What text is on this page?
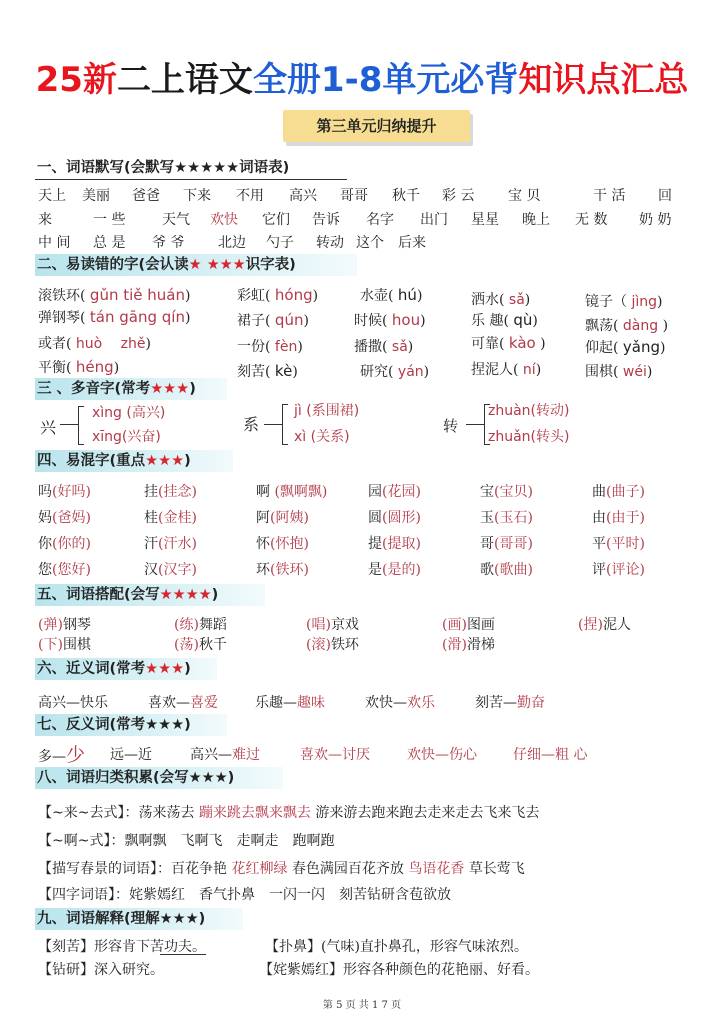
25新二上语文全册1-8单元必背知识点汇总
第三单元归纳提升
一、词语默写(会默写★★★★★词语表)
天上 美丽 爸爸 下来 不用 高兴 哥哥 秋千 彩 云 宝 贝	干 活 回
来	一 些	天气 欢快 它们 告诉 名字 出门 星星 晚上 无 数 奶 奶
中 间 总 是 爷 爷 北边 勺子 转动 这个 后来
二、易读错的字(会认读★ ★★★识字表)
滚铁环( gǔn tiě huán)	彩虹( hóng)	水壶( hú)	洒水( sǎ)	镜子（ jìng)
弹钢琴( tán gāng qín)	裙子( qún)	时候( hou)	乐 趣( qù)	飘荡( dàng )
或者( huò　 zhě)	一份( fèn)	播撒( sǎ)	可靠( kào )	仰起( yǎng)
平衡( héng)	刻苦( kè)	研究( yán)	捏泥人( ní)	围棋( wéi)
三 、多音字(常考★★★)
兴
xìng (高兴)
xīng(兴奋)
系
jì (系围裙)
xì (关系)
转
zhuàn(转动)
zhuǎn(转头)
四、易混字(重点★★★)
吗(好吗)	挂(挂念)	啊 (飘啊飘)	园(花园)	宝(宝贝)	曲(曲子)
妈(爸妈)	桂(金桂)	阿(阿姨)	圆(圆形)	玉(玉石)	由(由于)
你(你的)	汗(汗水)	怀(怀抱)	提(提取)	哥(哥哥)	平(平时)
您(您好)	汉(汉字)	环(铁环)	是(是的)	歌(歌曲)	评(评论)
五、词语搭配(会写★★★★)
(弹)钢琴	(练)舞蹈	(唱)京戏	(画)图画	(捏)泥人
(下)围棋	(荡)秋千	(滚)铁环	(滑)滑梯
六、近义词(常考★★★)
高兴—快乐	喜欢—喜爱	乐趣—趣味	欢快—欢乐	刻苦—勤奋
七、反义词(常考★★★)
多—少 远—近	高兴—难过	喜欢—讨厌	欢快—伤心	仔细—粗 心
八、词语归类积累(会写★★★)
【~来~去式】：荡来荡去 蹦来跳去飘来飘去 游来游去跑来跑去走来走去飞来飞去
【~啊~式】：飘啊飘　飞啊飞　走啊走　跑啊跑
【描写春景的词语】：百花争艳 花红柳绿 春色满园百花齐放 鸟语花香 草长莺飞
【四字词语】：姹紫嫣红　香气扑鼻　一闪一闪　刻苦钻研含苞欲放
九、词语解释(理解★★★)
【刻苦】形容肯下苦功夫。	【扑鼻】(气味)直扑鼻孔，形容气味浓烈。
【钻研】深入研究。	【姹紫嫣红】形容各种颜色的花艳丽、好看。
第 5 页 共 1 7 页
